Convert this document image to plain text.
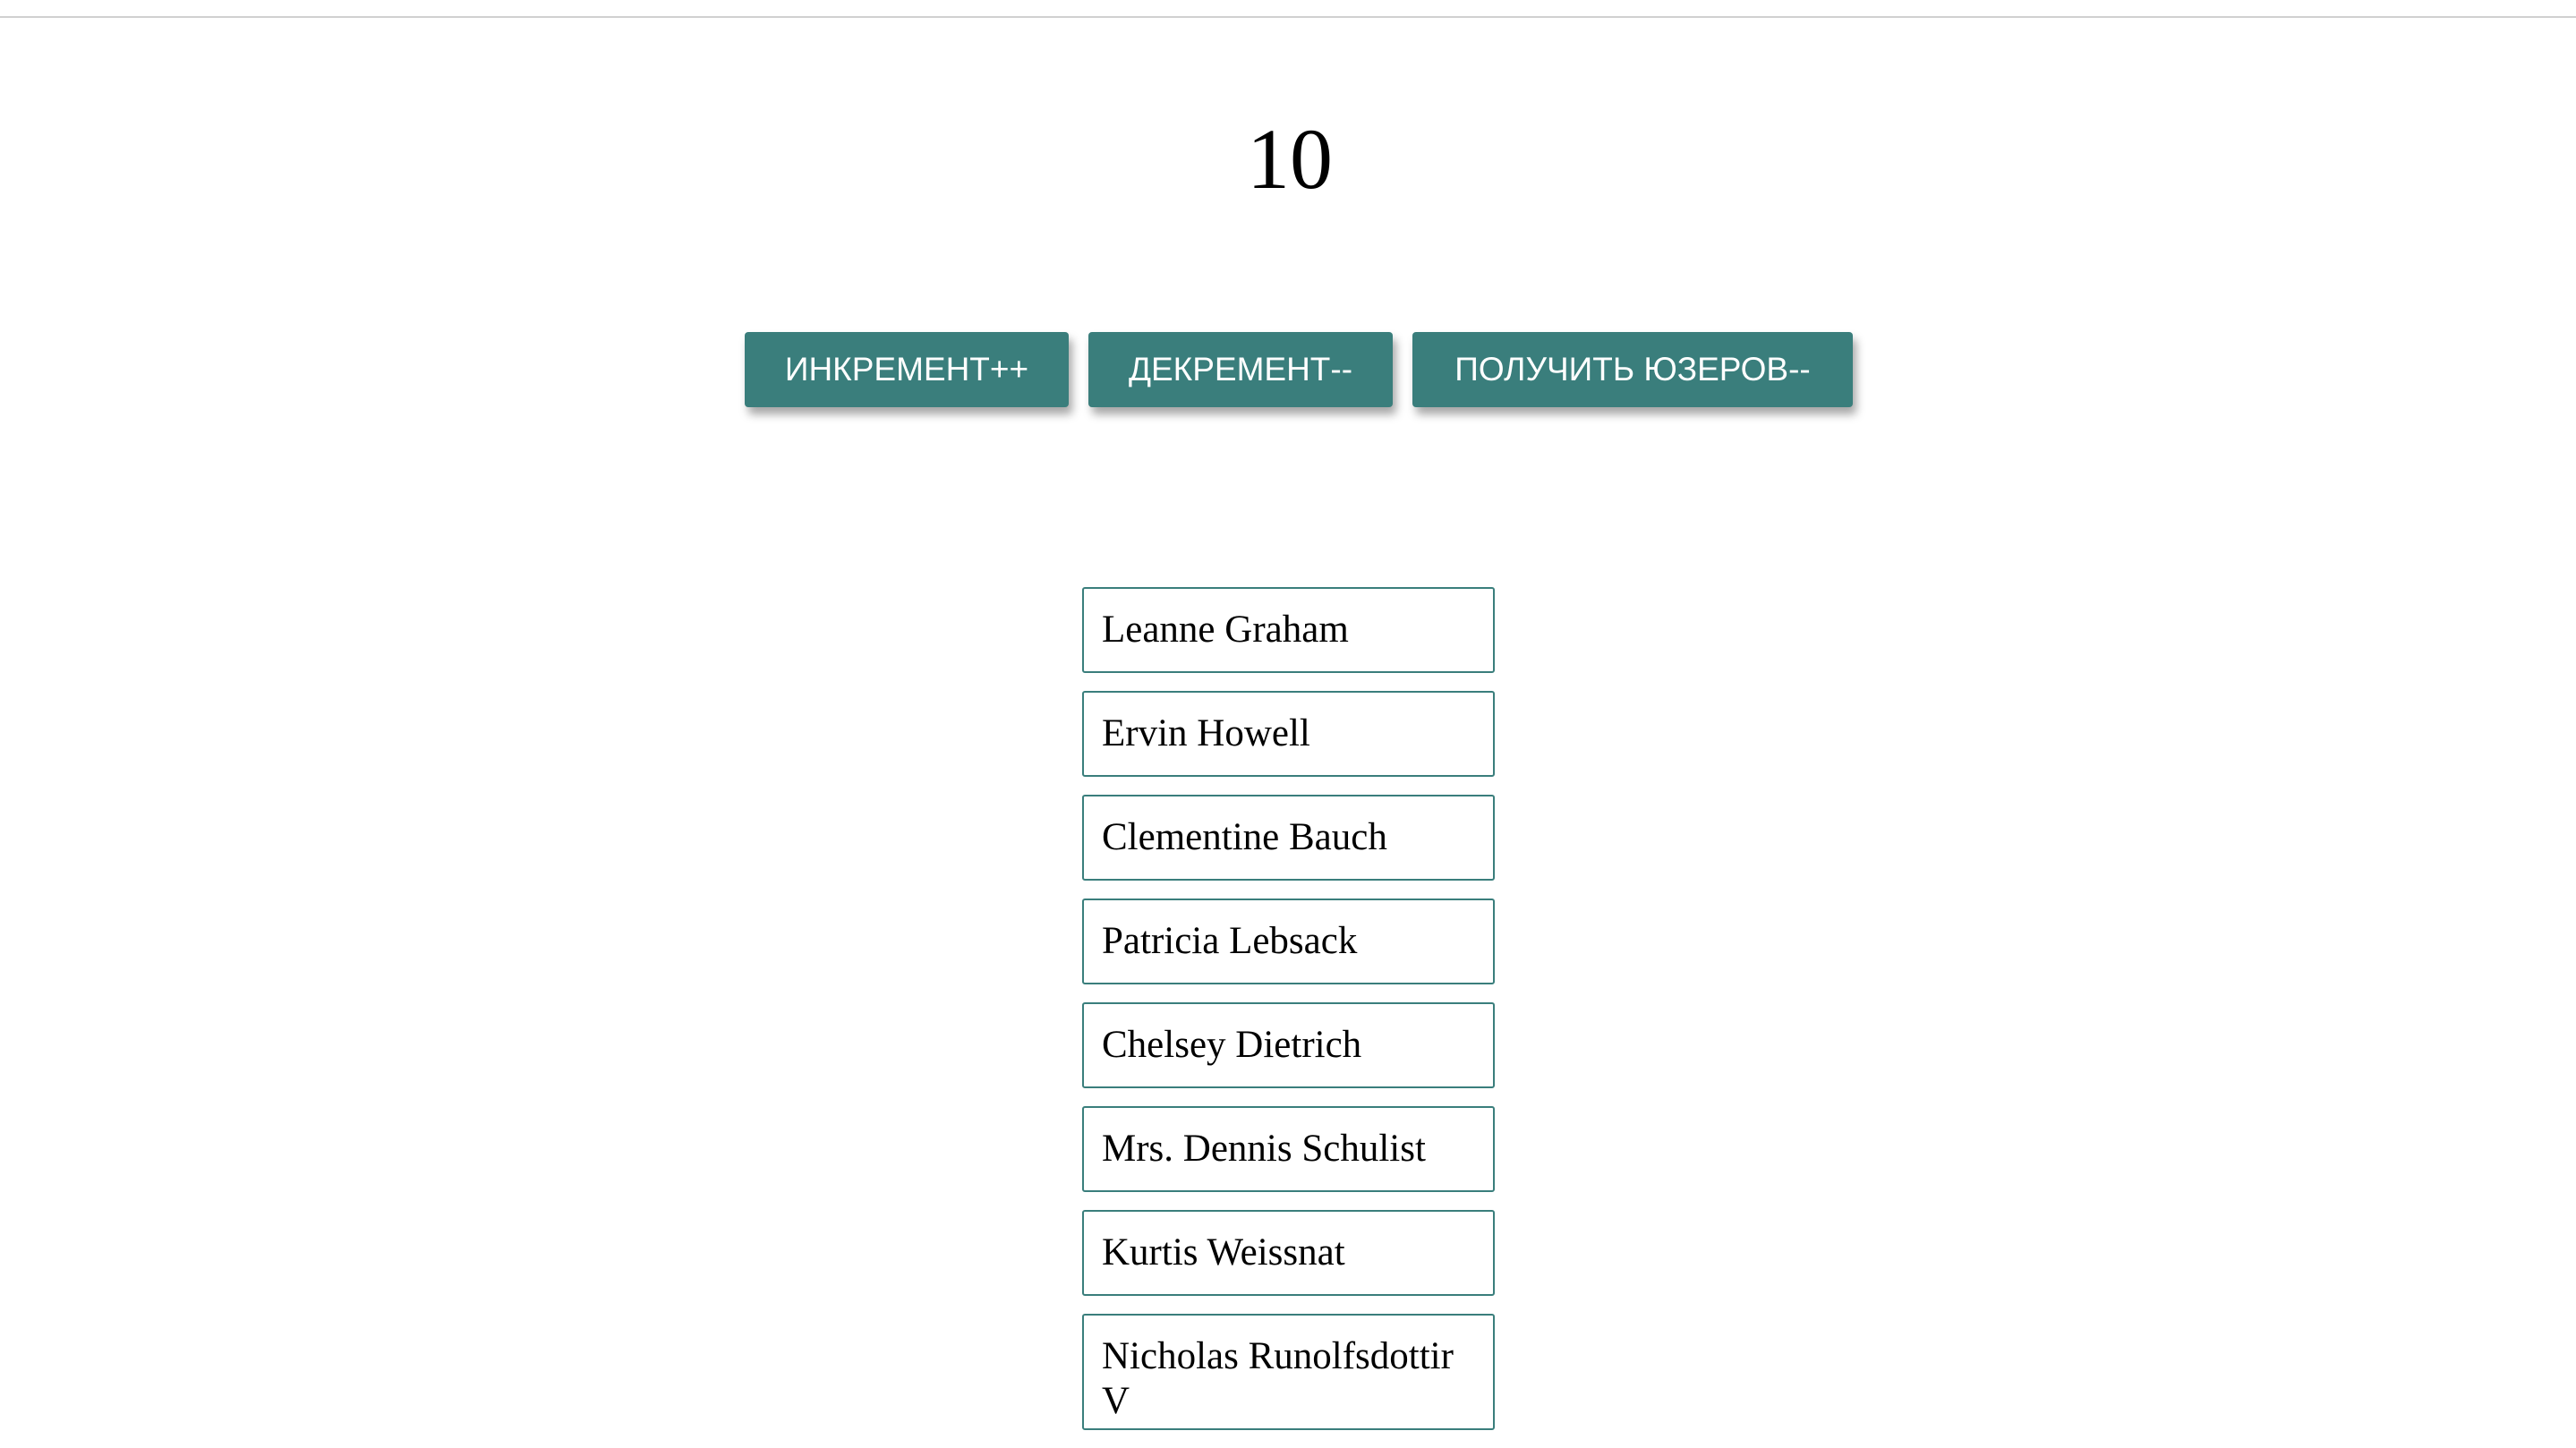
10
ИНКРЕМЕНТ++	ДЕКРЕМЕНТ--	ПОЛУЧИТЬ ЮЗЕРОВ--
Leanne Graham
Ervin Howell
Clementine Bauch
Patricia Lebsack
Chelsey Dietrich
Mrs. Dennis Schulist
Kurtis Weissnat
Nicholas Runolfsdottir V
